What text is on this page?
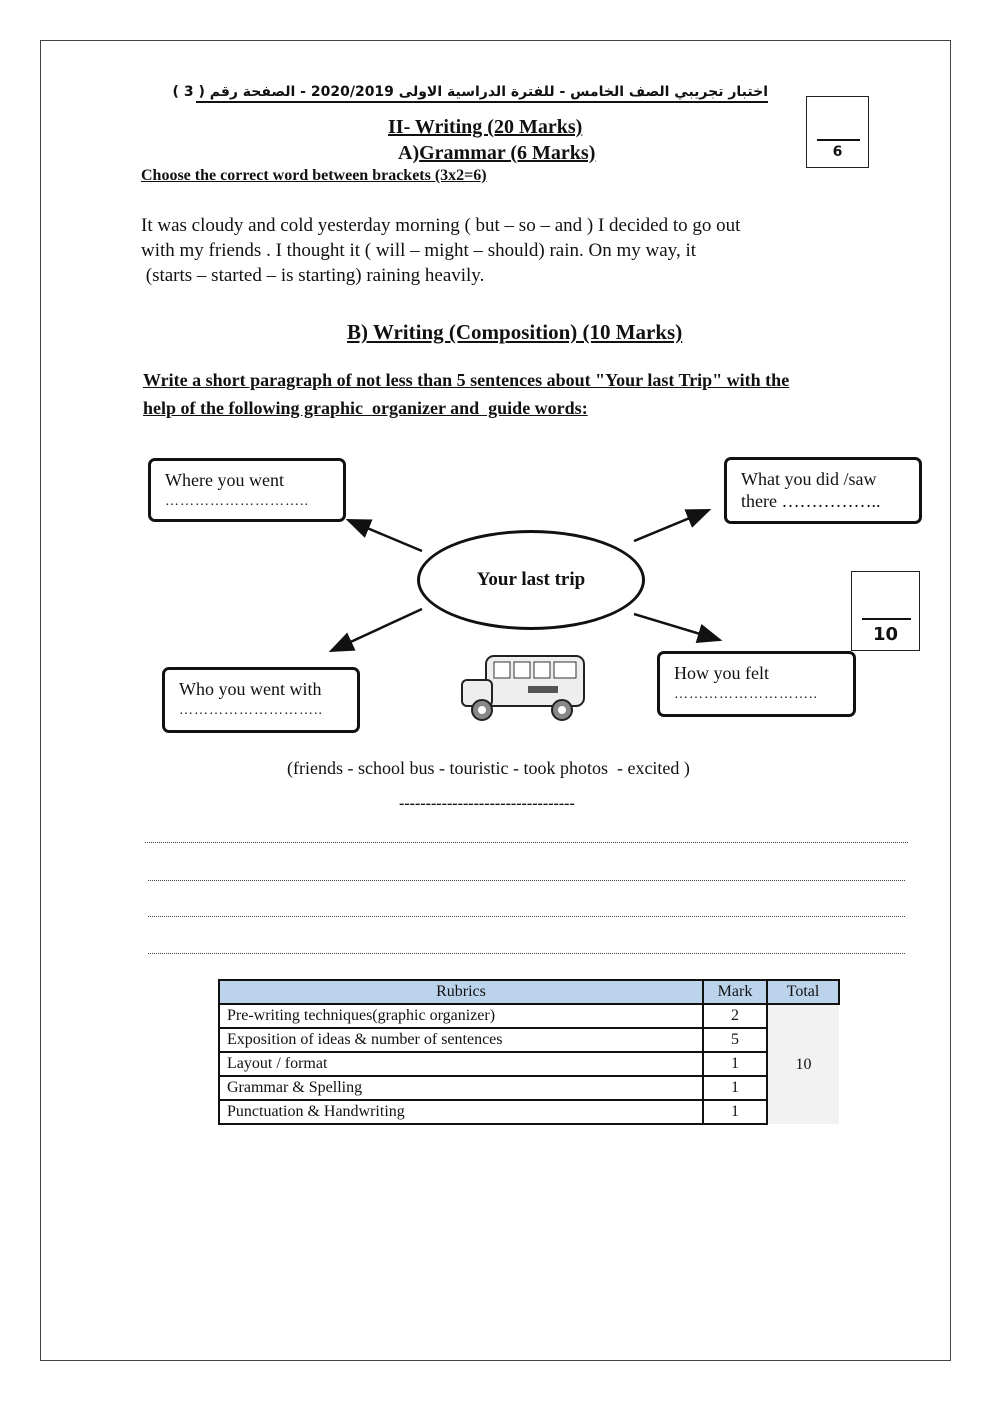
اختبار تجريبي الصف الخامس - للفترة الدراسية الاولى 2020/2019 - الصفحة رقم ( 3 )
II- Writing (20 Marks)
A)Grammar (6 Marks)	6
Choose the correct word between brackets (3x2=6)
It was cloudy and cold yesterday morning ( but – so – and ) I decided to go out
with my friends . I thought it ( will – might – should) rain. On my way, it
(starts – started – is starting) raining heavily.
B) Writing (Composition) (10 Marks)
Write a short paragraph of not less than 5 sentences about "Your last Trip" with the
help of the following graphic  organizer and  guide words:
Where you went
………………………..
What you did /saw
there ……………..
Who you went with
………………………..
How you felt
………………………..
Your last trip
10
(friends - school bus - touristic - took photos  - excited )
---------------------------------
Rubrics	Mark	Total
Pre-writing techniques(graphic organizer)	2	10
Exposition of ideas & number of sentences	5	
Layout / format	1	
Grammar & Spelling	1	
Punctuation & Handwriting	1	
